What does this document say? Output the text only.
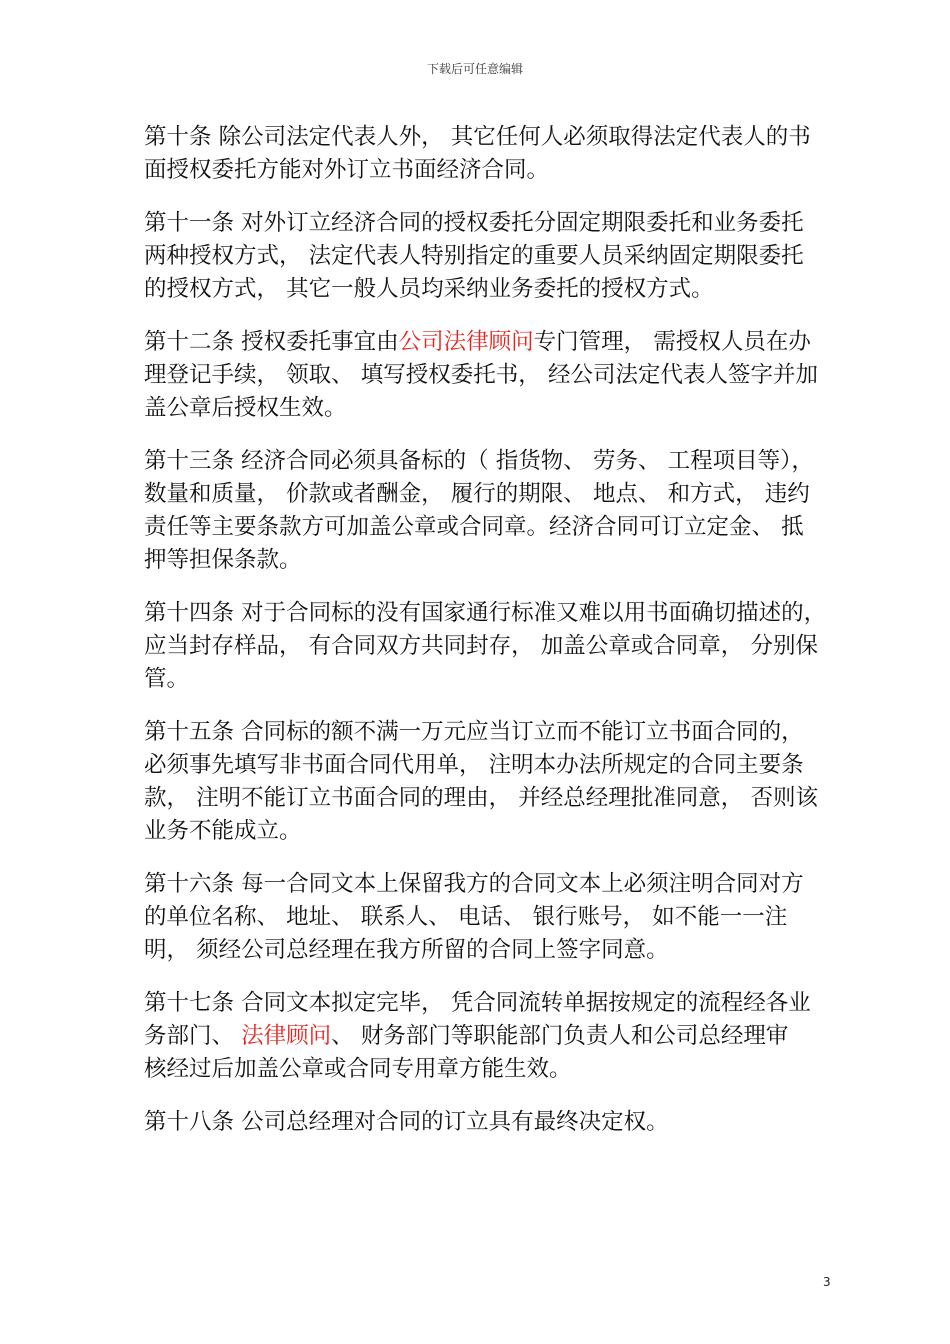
下载后可任意编辑
第十条 除公司法定代表人外， 其它任何人必须取得法定代表人的书
面授权委托方能对外订立书面经济合同。
第十一条 对外订立经济合同的授权委托分固定期限委托和业务委托
两种授权方式， 法定代表人特别指定的重要人员采纳固定期限委托
的授权方式， 其它一般人员均采纳业务委托的授权方式。
第十二条 授权委托事宜由公司法律顾问专门管理， 需授权人员在办
理登记手续， 领取、 填写授权委托书， 经公司法定代表人签字并加
盖公章后授权生效。
第十三条 经济合同必须具备标的（ 指货物、 劳务、 工程项目等），
数量和质量， 价款或者酬金， 履行的期限、 地点、 和方式， 违约
责任等主要条款方可加盖公章或合同章。经济合同可订立定金、 抵
押等担保条款。
第十四条 对于合同标的没有国家通行标准又难以用书面确切描述的，
应当封存样品， 有合同双方共同封存， 加盖公章或合同章， 分别保
管。
第十五条 合同标的额不满一万元应当订立而不能订立书面合同的，
必须事先填写非书面合同代用单， 注明本办法所规定的合同主要条
款， 注明不能订立书面合同的理由， 并经总经理批准同意， 否则该
业务不能成立。
第十六条 每一合同文本上保留我方的合同文本上必须注明合同对方
的单位名称、 地址、 联系人、 电话、 银行账号， 如不能一一注
明， 须经公司总经理在我方所留的合同上签字同意。
第十七条 合同文本拟定完毕， 凭合同流转单据按规定的流程经各业
务部门、 法律顾问、 财务部门等职能部门负责人和公司总经理审
核经过后加盖公章或合同专用章方能生效。
第十八条 公司总经理对合同的订立具有最终决定权。
3
